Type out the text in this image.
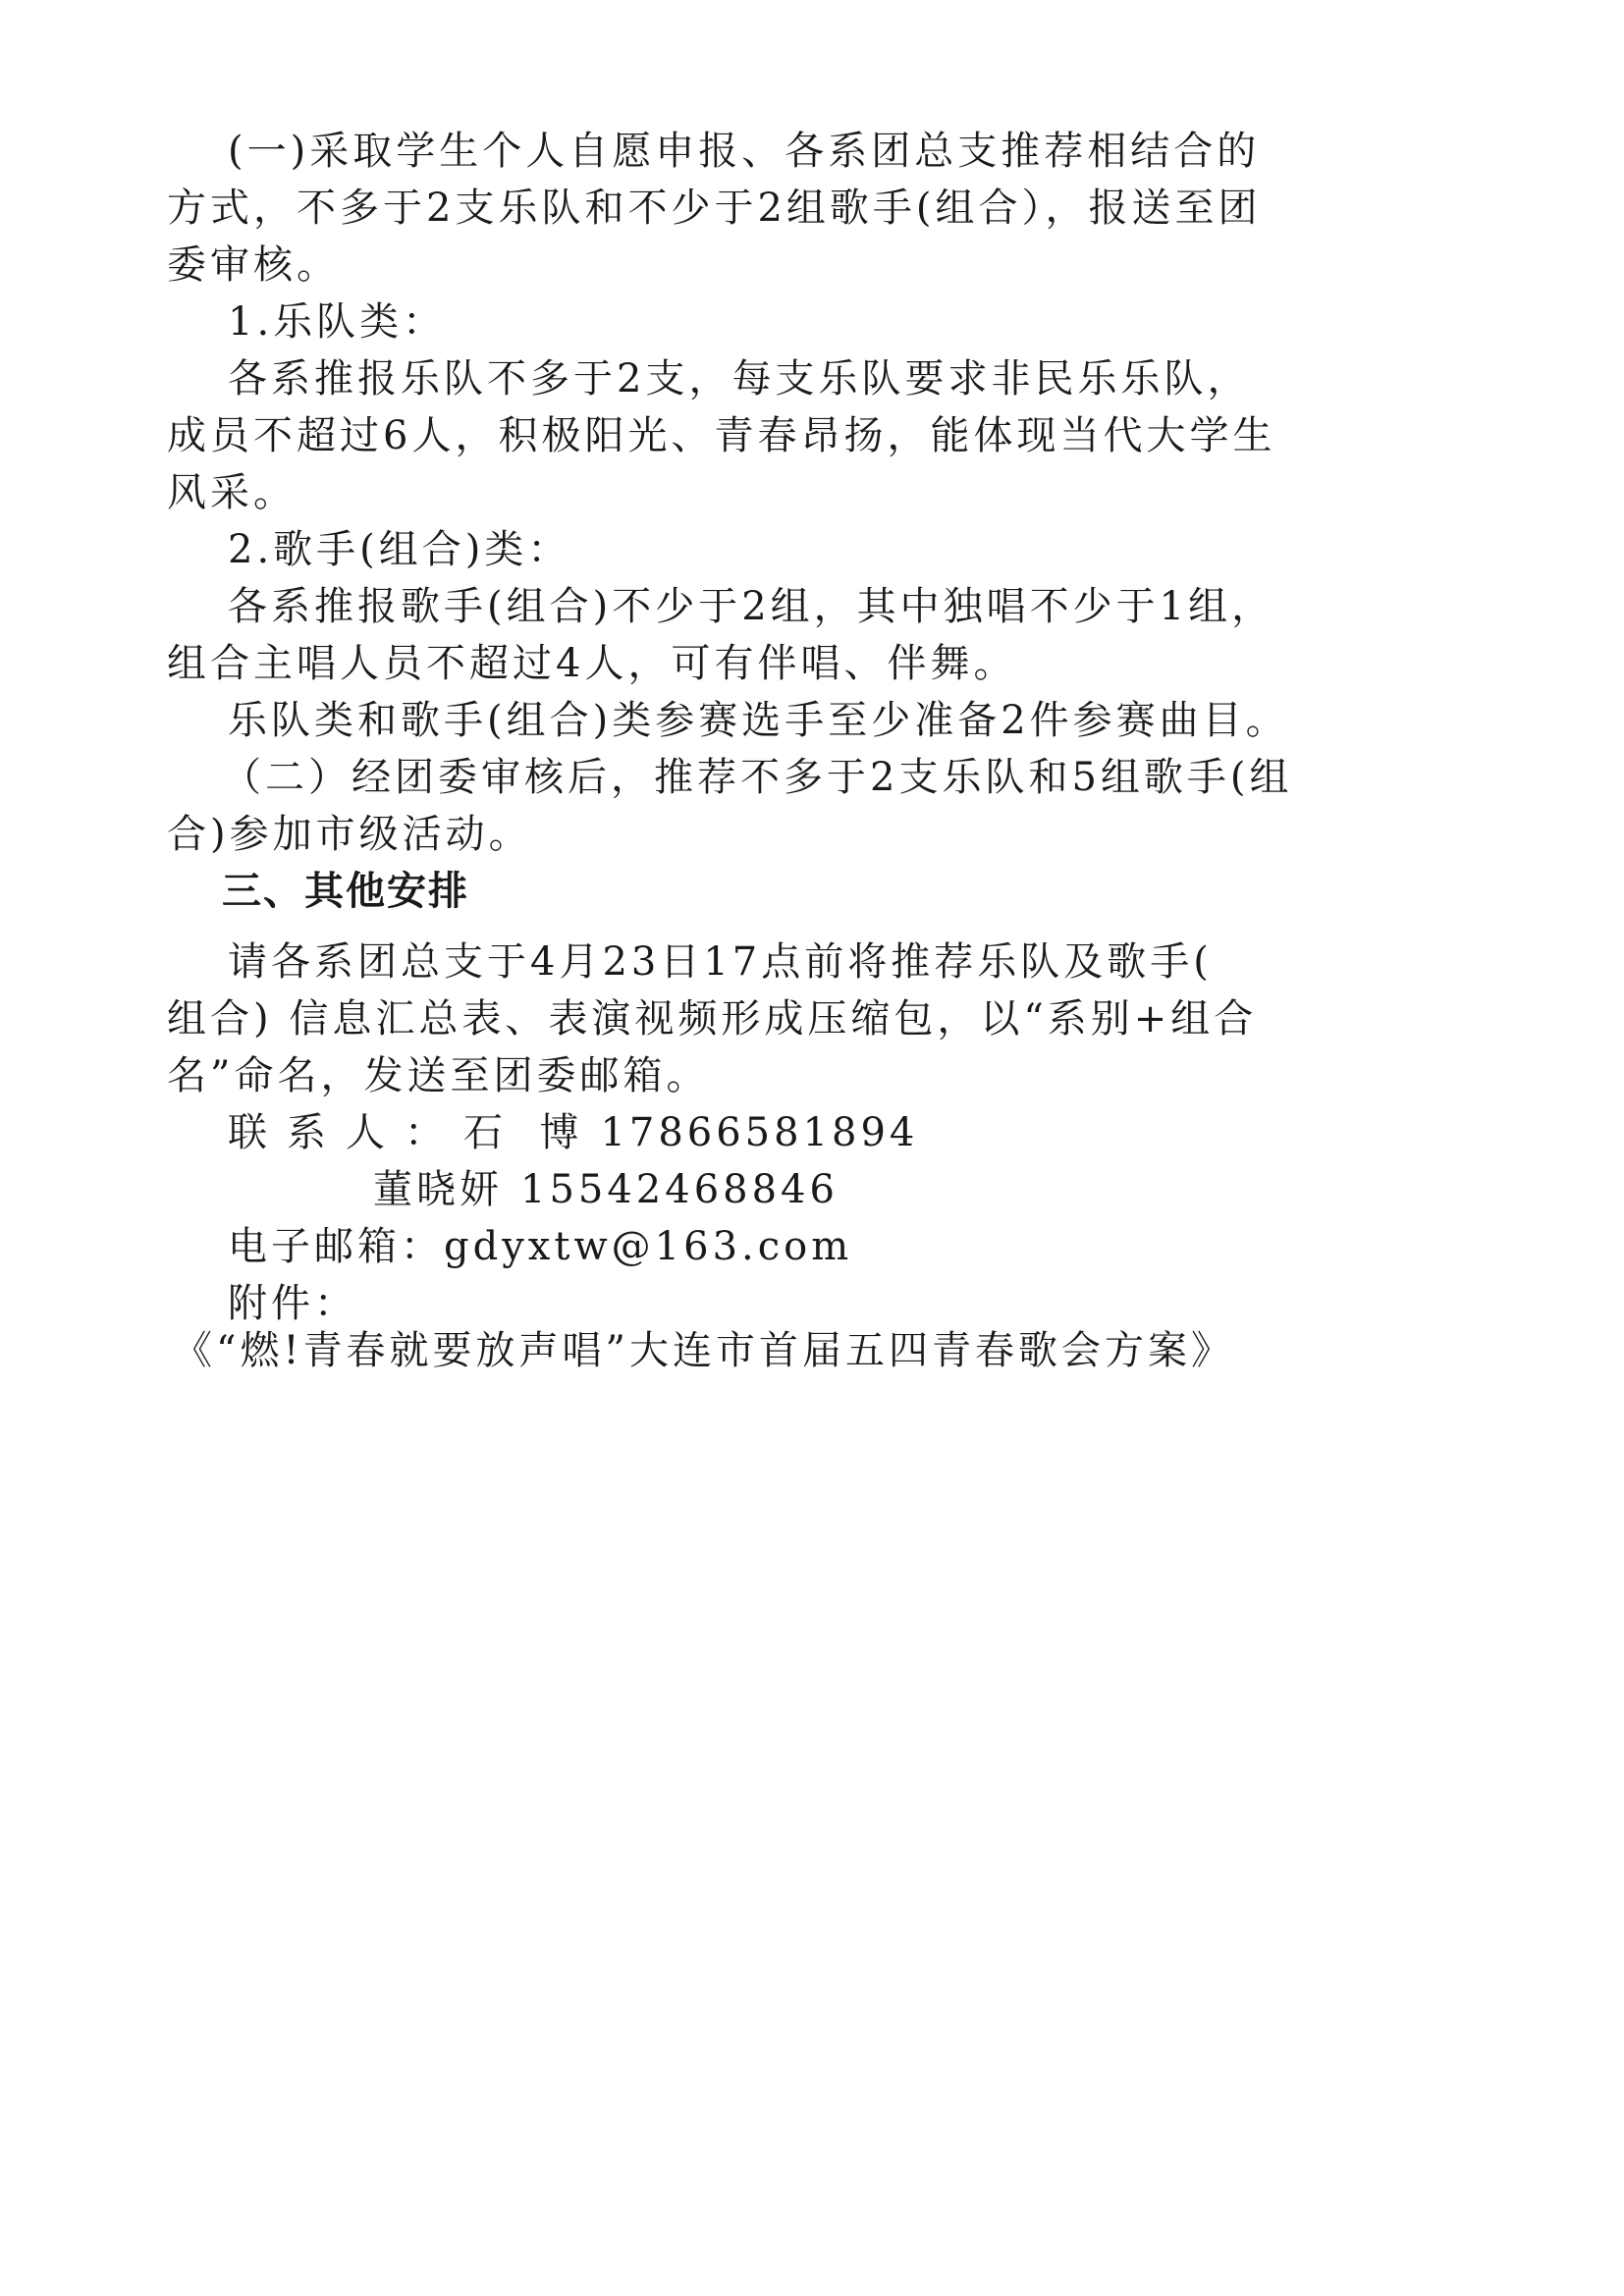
(一)采取学生个人自愿申报、各系团总支推荐相结合的
方式，不多于2支乐队和不少于2组歌手(组合），报送至团
委审核。
1.乐队类：
各系推报乐队不多于2支，每支乐队要求非民乐乐队，
成员不超过6人，积极阳光、青春昂扬，能体现当代大学生
风采。
2.歌手(组合)类：
各系推报歌手(组合)不少于2组，其中独唱不少于1组，
组合主唱人员不超过4人，可有伴唱、伴舞。
乐队类和歌手(组合)类参赛选手至少准备2件参赛曲目。
（二）经团委审核后，推荐不多于2支乐队和5组歌手(组
合)参加市级活动。
三、其他安排
请各系团总支于4月23日17点前将推荐乐队及歌手(
组合) 信息汇总表、表演视频形成压缩包，以“系别+组合
名”命名，发送至团委邮箱。
联系人：石  博 17866581894
董晓妍 15542468846
电子邮箱：gdyxtw@163.com
附件：
《“燃!青春就要放声唱”大连市首届五四青春歌会方案》
